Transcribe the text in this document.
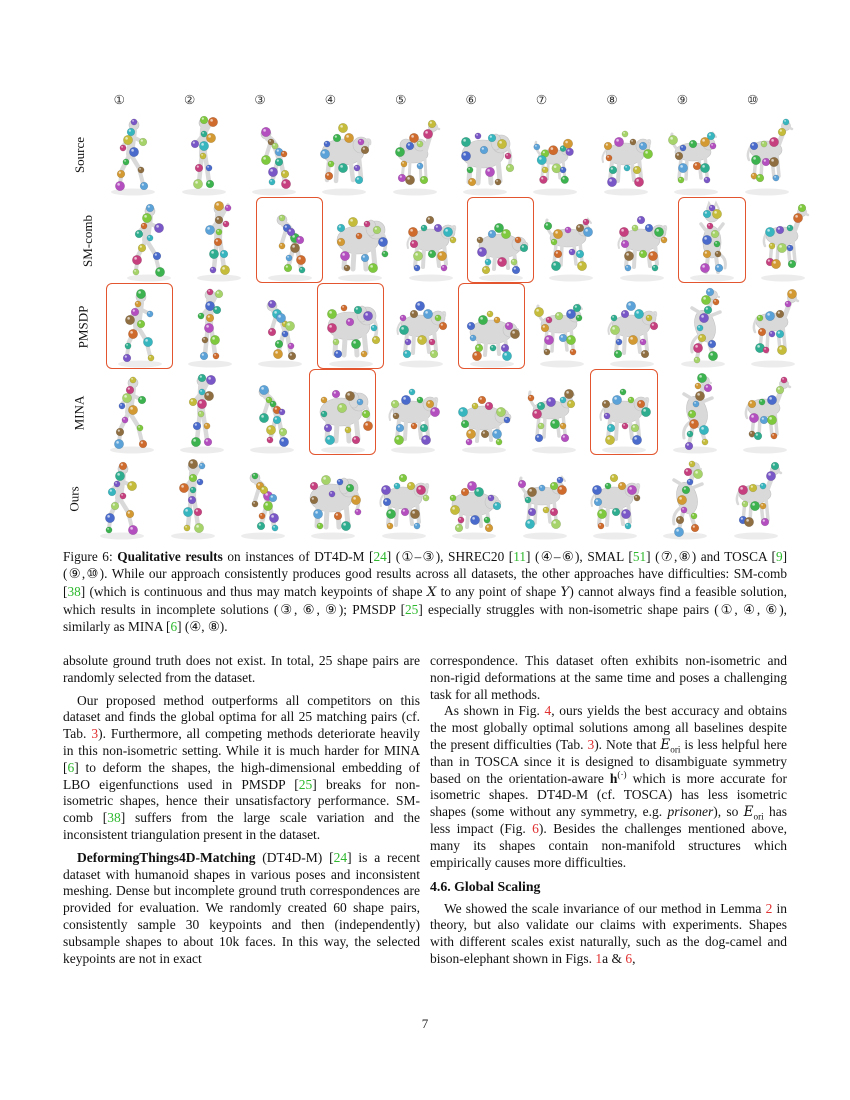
①	②	③	④	⑤	⑥	⑦	⑧	⑨	⑩
Source
SM-comb
PMSDP
MINA
Ours
Figure 6: Qualitative results on instances of DT4D-M [24] (①–③), SHREC20 [11] (④–⑥), SMAL [51] (⑦,⑧) and TOSCA [9] (⑨,⑩). While our approach consistently produces good results across all datasets, the other approaches have difficulties: SM-comb [38] (which is continuous and thus may match keypoints of shape X to any point of shape Y) cannot always find a feasible solution, which results in incomplete solutions (③, ⑥, ⑨); PMSDP [25] especially struggles with non-isometric shape pairs (①, ④, ⑥), similarly as MINA [6] (④, ⑧).

absolute ground truth does not exist. In total, 25 shape pairs are randomly selected from the dataset.

Our proposed method outperforms all competitors on this dataset and finds the global optima for all 25 matching pairs (cf. Tab. 3). Furthermore, all competing methods deteriorate heavily in this non-isometric setting. While it is much harder for MINA [6] to deform the shapes, the high-dimensional embedding of LBO eigenfunctions used in PMSDP [25] breaks for non-isometric shapes, hence their unsatisfactory performance. SM-comb [38] suffers from the large scale variation and the inconsistent triangulation present in the dataset.

DeformingThings4D-Matching (DT4D-M) [24] is a recent dataset with humanoid shapes in various poses and inconsistent meshing. Dense but incomplete ground truth correspondences are provided for evaluation. We randomly created 60 shape pairs, consistently sample 30 keypoints and then (independently) subsample shapes to about 10k faces. In this way, the selected keypoints are not in exact

correspondence. This dataset often exhibits non-isometric and non-rigid deformations at the same time and poses a challenging task for all methods.

As shown in Fig. 4, ours yields the best accuracy and obtains the most globally optimal solutions among all baselines despite the present difficulties (Tab. 3). Note that $E_{ori}$ is less helpful here than in TOSCA since it is designed to disambiguate symmetry based on the orientation-aware h(·) which is more accurate for isometric shapes. DT4D-M (cf. TOSCA) has less isometric shapes (some without any symmetry, e.g. prisoner), so $E_{ori}$ has less impact (Fig. 6). Besides the challenges mentioned above, many its shapes contain non-manifold structures which empirically causes more difficulties.

4.6. Global Scaling

We showed the scale invariance of our method in Lemma 2 in theory, but also validate our claims with experiments. Shapes with different scales exist naturally, such as the dog-camel and bison-elephant shown in Figs. 1a & 6,

7
